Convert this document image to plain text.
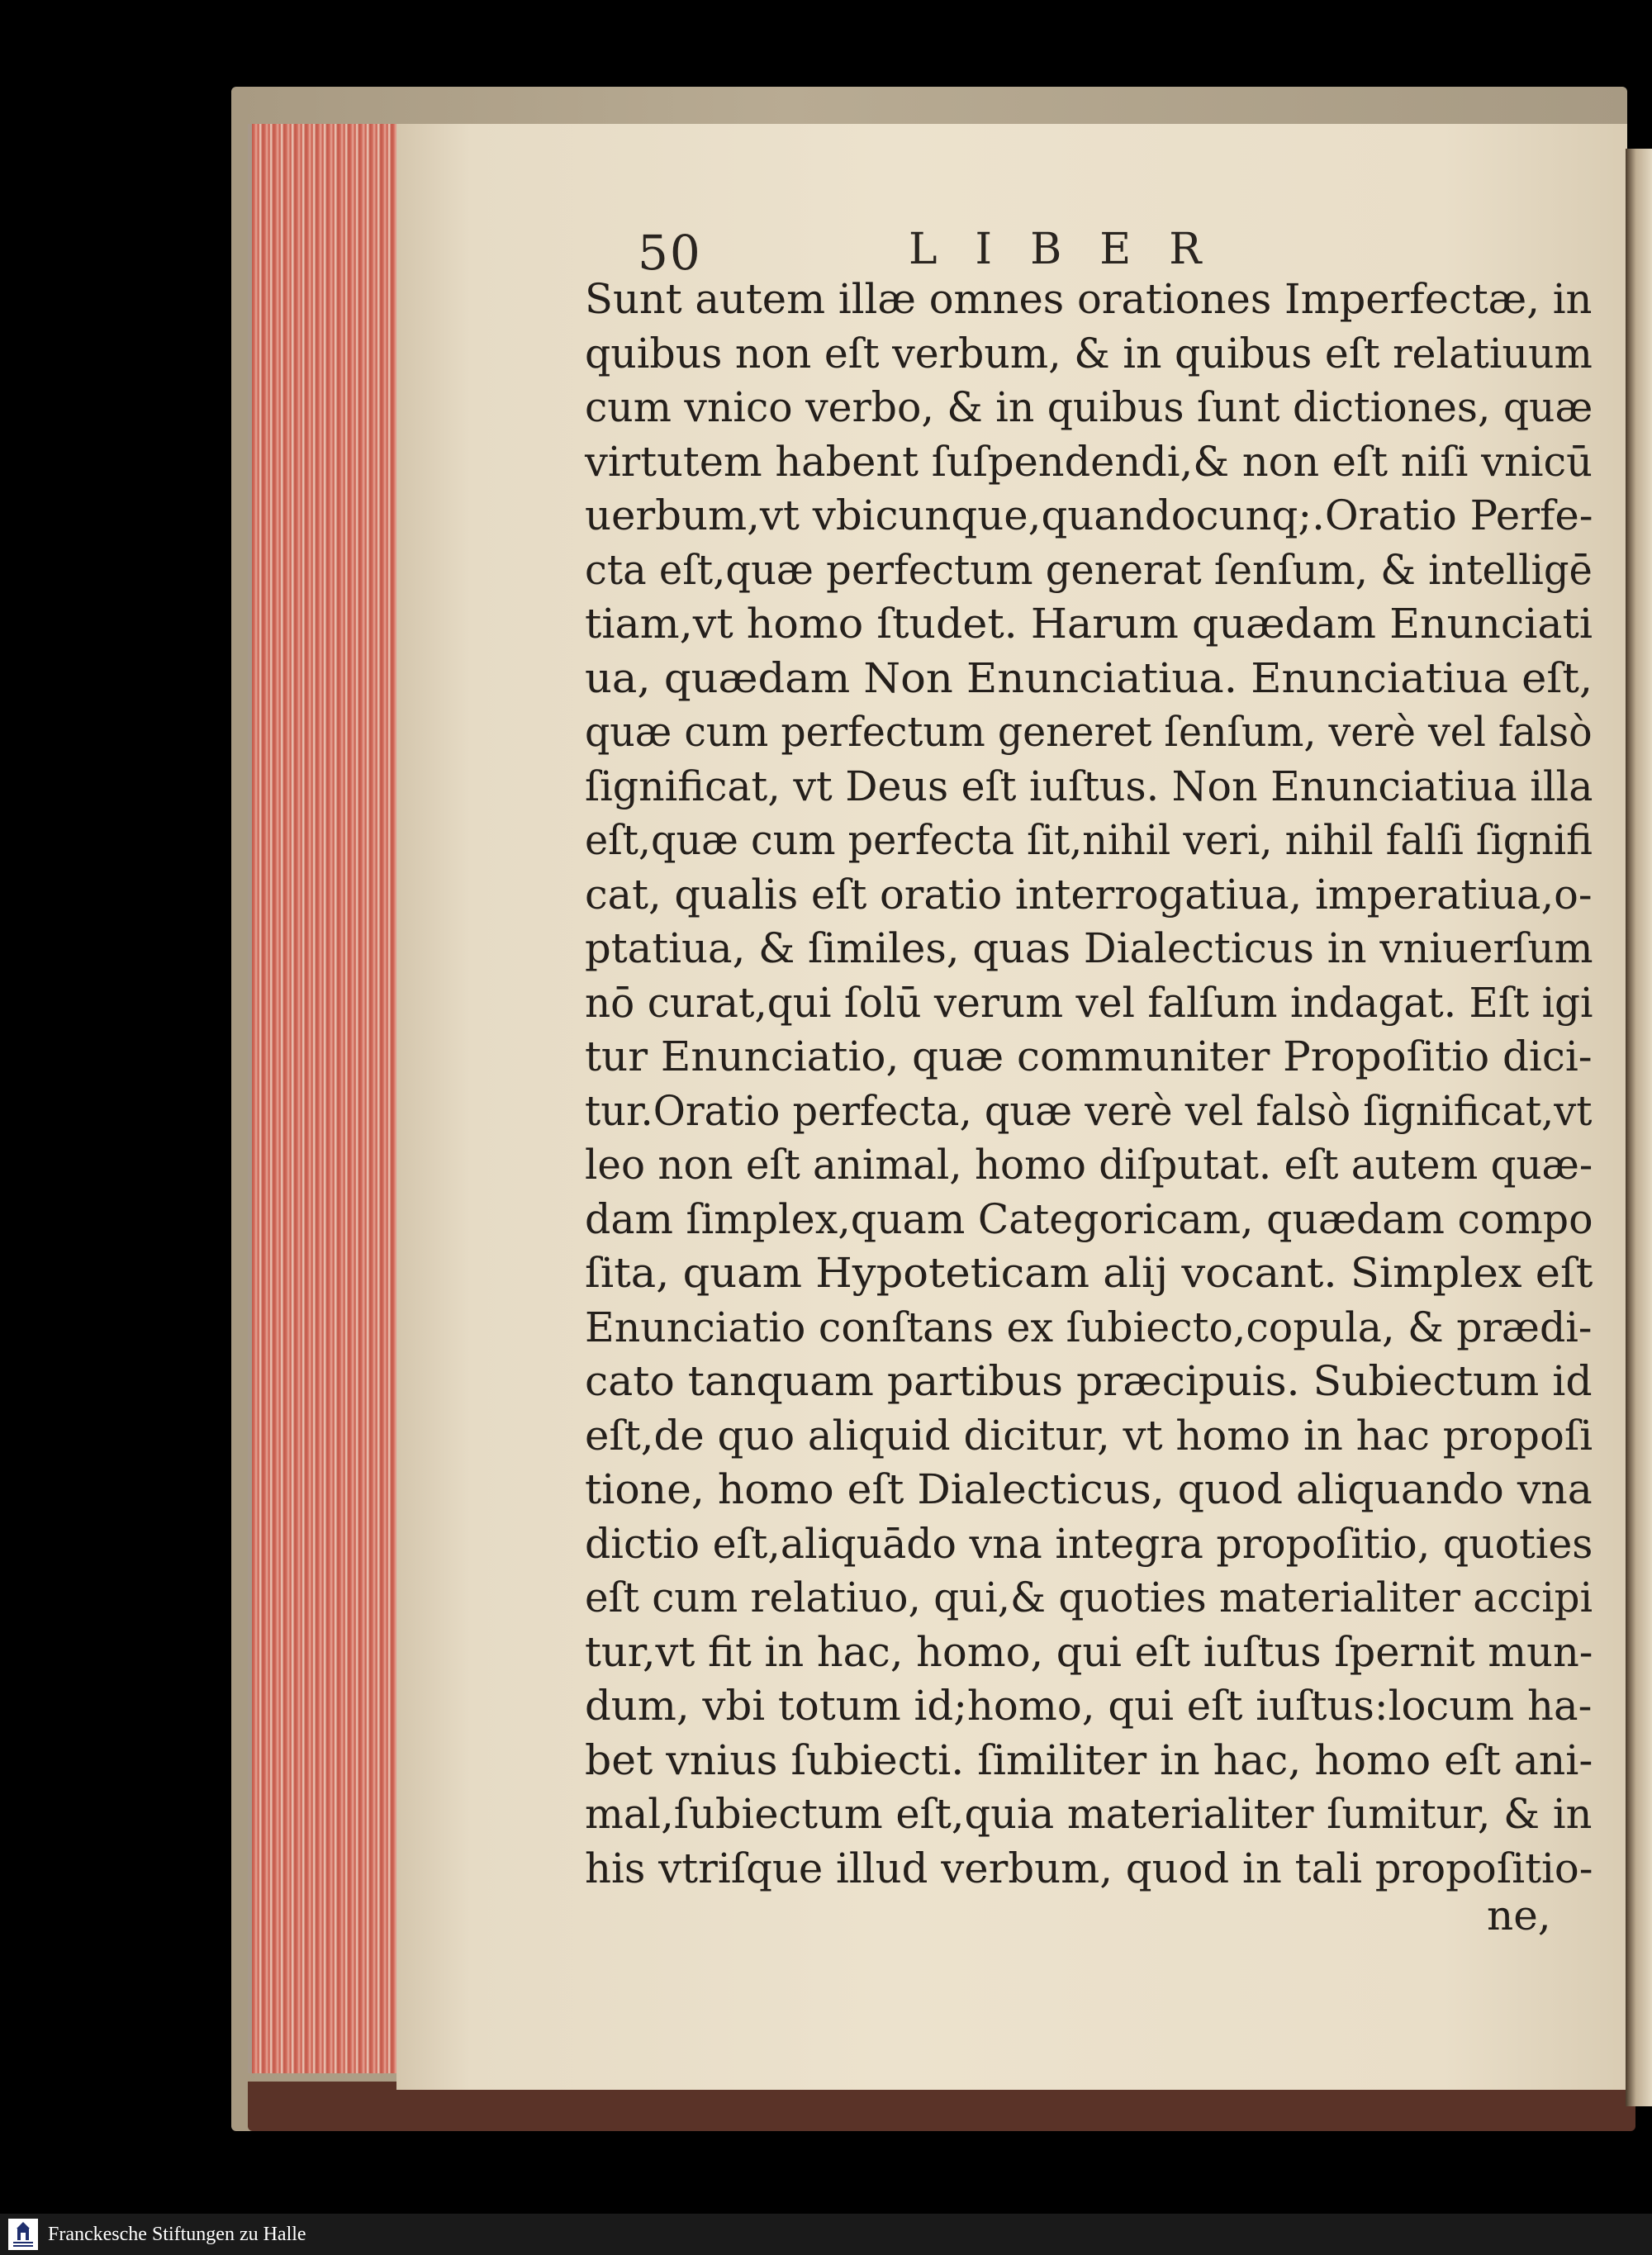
50	LIBER
Sunt autem illæ omnes orationes Imperfectæ, in
quibus non eſt verbum, & in quibus eſt relatiuum
cum vnico verbo, & in quibus ſunt dictiones, quæ
virtutem habent ſuſpendendi,& non eſt niſi vnicū
uerbum,vt vbicunque,quandocunq;.Oratio Perfe-
cta eſt,quæ perfectum generat ſenſum, & intelligē
tiam,vt homo ſtudet. Harum quædam Enunciati
ua, quædam Non Enunciatiua. Enunciatiua eſt,
quæ cum perfectum generet ſenſum, verè vel falsò
ſignificat, vt Deus eſt iuſtus. Non Enunciatiua illa
eſt,quæ cum perfecta ſit,nihil veri, nihil falſi ſignifi
cat, qualis eſt oratio interrogatiua, imperatiua,o-
ptatiua, & ſimiles, quas Dialecticus in vniuerſum
nō curat,qui ſolū verum vel falſum indagat. Eſt igi
tur Enunciatio, quæ communiter Propoſitio dici-
tur.Oratio perfecta, quæ verè vel falsò ſignificat,vt
leo non eſt animal, homo diſputat. eſt autem quæ-
dam ſimplex,quam Categoricam, quædam compo
ſita, quam Hypoteticam alij vocant. Simplex eſt
Enunciatio conſtans ex ſubiecto,copula, & prædi-
cato tanquam partibus præcipuis. Subiectum id
eſt,de quo aliquid dicitur, vt homo in hac propoſi
tione, homo eſt Dialecticus, quod aliquando vna
dictio eſt,aliquādo vna integra propoſitio, quoties
eſt cum relatiuo, qui,& quoties materialiter accipi
tur,vt fit in hac, homo, qui eſt iuſtus ſpernit mun-
dum, vbi totum id;homo, qui eſt iuſtus:locum ha-
bet vnius ſubiecti. ſimiliter in hac, homo eſt ani-
mal,ſubiectum eſt,quia materialiter ſumitur, & in
his vtriſque illud verbum, quod in tali propoſitio-
ne,
Franckesche Stiftungen zu Halle
